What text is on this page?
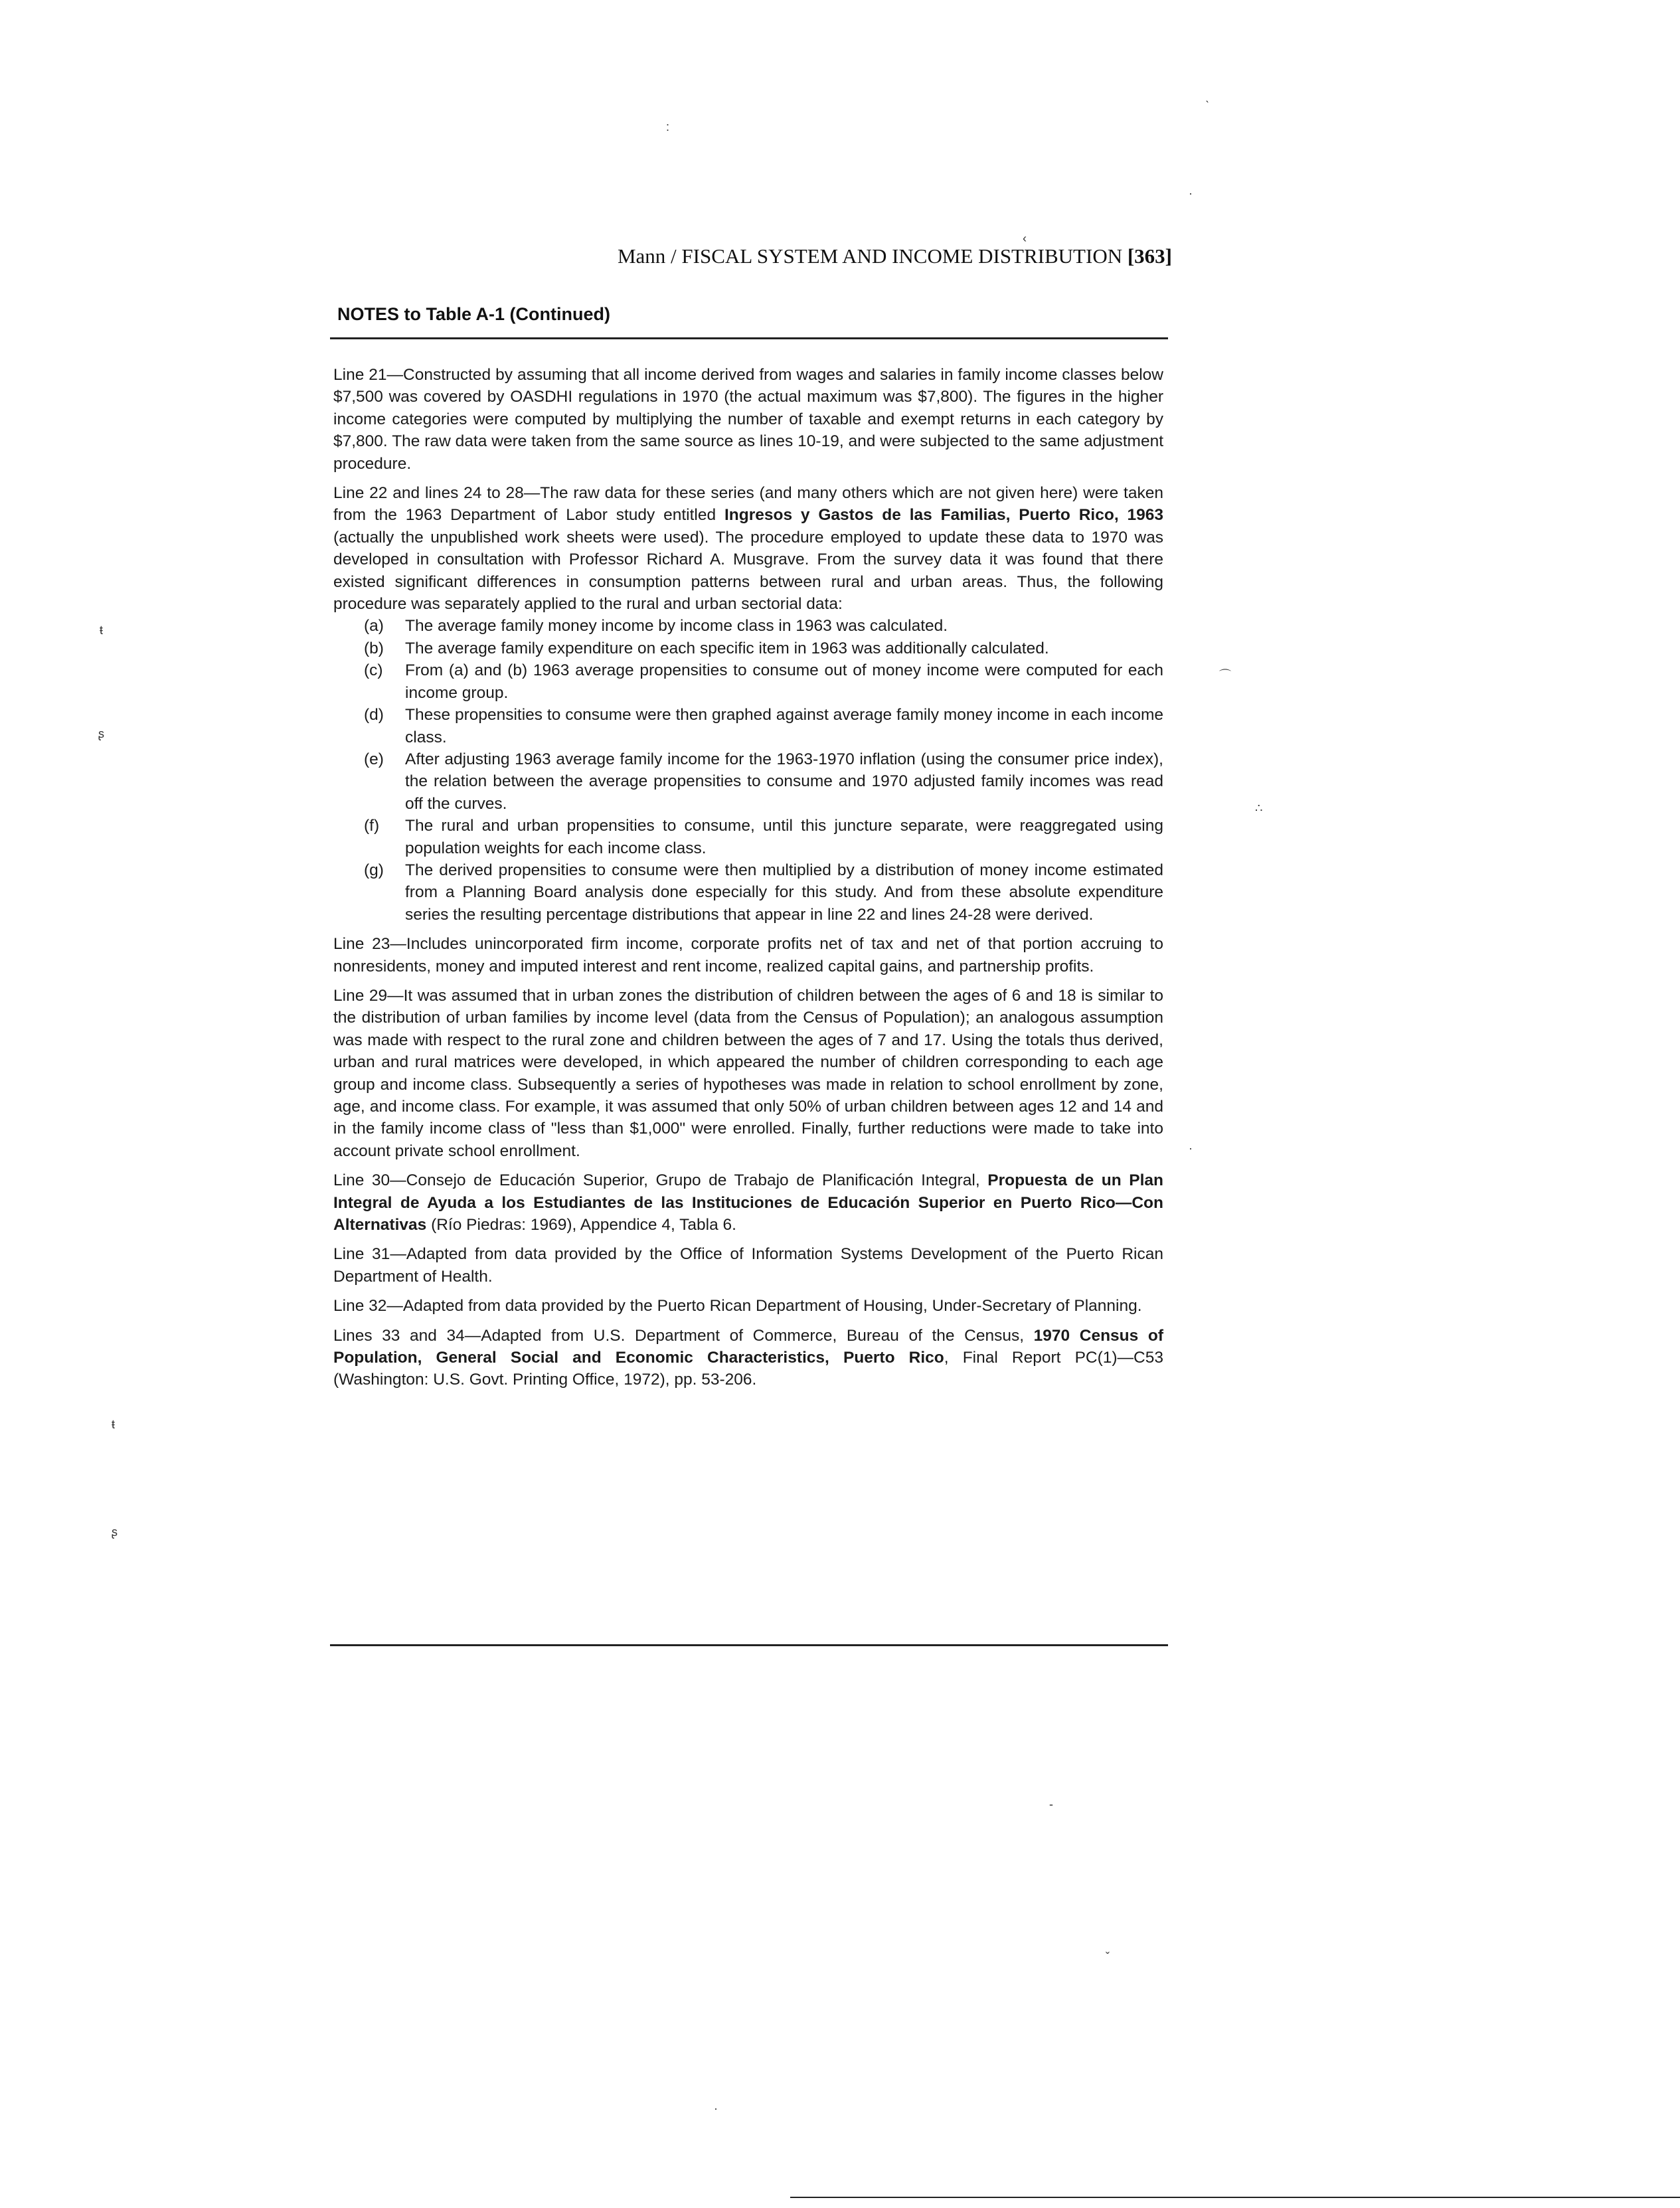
˴
:
·
‹
ŧ
ʂ
⌒
∴
·
ŧ
ʂ
-
ˇ
·
Mann / FISCAL SYSTEM AND INCOME DISTRIBUTION [363]
NOTES to Table A-1 (Continued)

Line 21—Constructed by assuming that all income derived from wages and salaries in family income classes below $7,500 was covered by OASDHI regulations in 1970 (the actual maximum was $7,800). The figures in the higher income categories were computed by multiplying the number of taxable and exempt returns in each category by $7,800. The raw data were taken from the same source as lines 10-19, and were subjected to the same adjustment procedure.

Line 22 and lines 24 to 28—The raw data for these series (and many others which are not given here) were taken from the 1963 Department of Labor study entitled Ingresos y Gastos de las Familias, Puerto Rico, 1963 (actually the unpublished work sheets were used). The procedure employed to update these data to 1970 was developed in consultation with Professor Richard A. Musgrave. From the survey data it was found that there existed significant differences in consumption patterns between rural and urban areas. Thus, the following procedure was separately applied to the rural and urban sectorial data:
(a) The average family money income by income class in 1963 was calculated.
(b) The average family expenditure on each specific item in 1963 was additionally calculated.
(c) From (a) and (b) 1963 average propensities to consume out of money income were computed for each income group.
(d) These propensities to consume were then graphed against average family money income in each income class.
(e) After adjusting 1963 average family income for the 1963-1970 inflation (using the consumer price index), the relation between the average propensities to consume and 1970 adjusted family incomes was read off the curves.
(f) The rural and urban propensities to consume, until this juncture separate, were reaggregated using population weights for each income class.
(g) The derived propensities to consume were then multiplied by a distribution of money income estimated from a Planning Board analysis done especially for this study. And from these absolute expenditure series the resulting percentage distributions that appear in line 22 and lines 24-28 were derived.

Line 23—Includes unincorporated firm income, corporate profits net of tax and net of that portion accruing to nonresidents, money and imputed interest and rent income, realized capital gains, and partnership profits.

Line 29—It was assumed that in urban zones the distribution of children between the ages of 6 and 18 is similar to the distribution of urban families by income level (data from the Census of Population); an analogous assumption was made with respect to the rural zone and children between the ages of 7 and 17. Using the totals thus derived, urban and rural matrices were developed, in which appeared the number of children corresponding to each age group and income class. Subsequently a series of hypotheses was made in relation to school enrollment by zone, age, and income class. For example, it was assumed that only 50% of urban children between ages 12 and 14 and in the family income class of "less than $1,000" were enrolled. Finally, further reductions were made to take into account private school enrollment.

Line 30—Consejo de Educación Superior, Grupo de Trabajo de Planificación Integral, Propuesta de un Plan Integral de Ayuda a los Estudiantes de las Instituciones de Educación Superior en Puerto Rico—Con Alternativas (Río Piedras: 1969), Appendice 4, Tabla 6.

Line 31—Adapted from data provided by the Office of Information Systems Development of the Puerto Rican Department of Health.

Line 32—Adapted from data provided by the Puerto Rican Department of Housing, Under-Secretary of Planning.

Lines 33 and 34—Adapted from U.S. Department of Commerce, Bureau of the Census, 1970 Census of Population, General Social and Economic Characteristics, Puerto Rico, Final Report PC(1)—C53 (Washington: U.S. Govt. Printing Office, 1972), pp. 53-206.
